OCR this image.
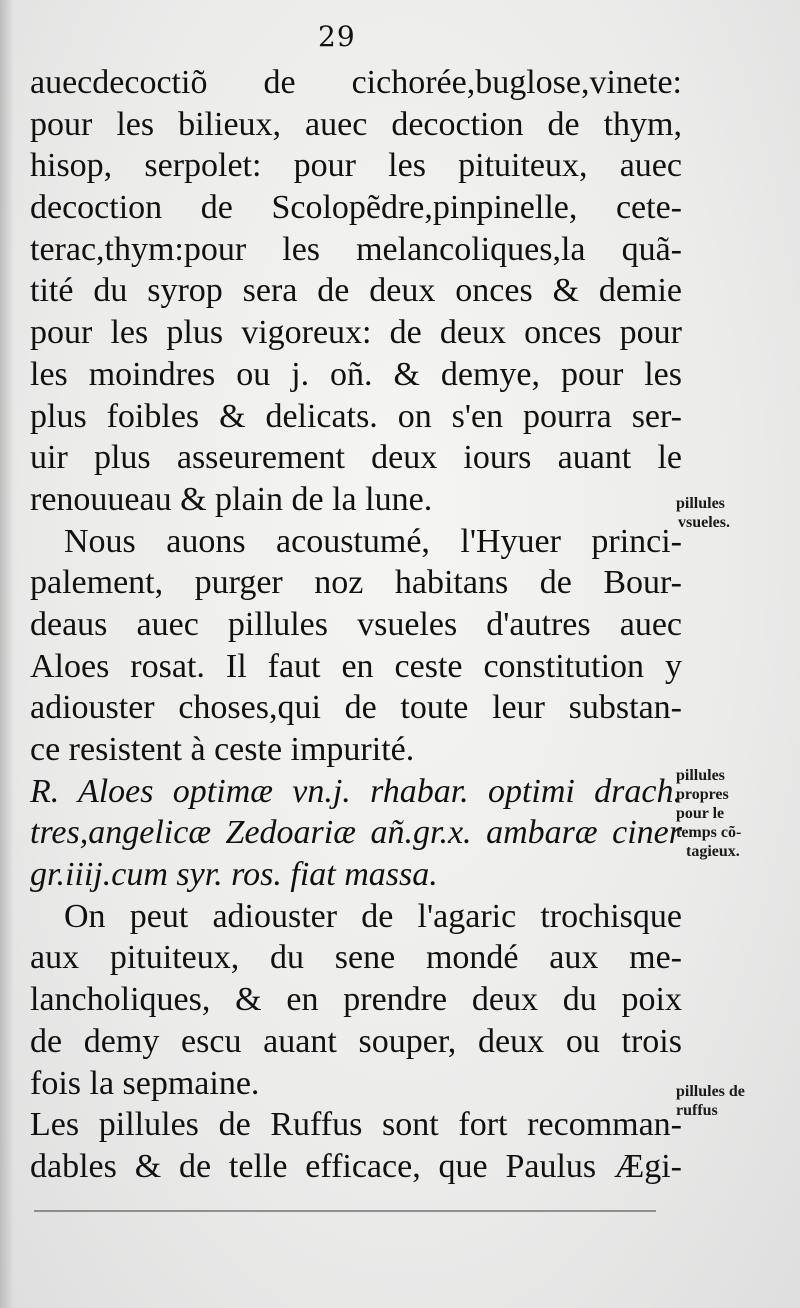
29
auecdecoctiõ de cichorée,buglose,vinete:
pour les bilieux, auec decoction de thym,
hisop, serpolet: pour les pituiteux, auec
decoction de Scolopẽdre,pinpinelle, cete-
terac,thym:pour les melancoliques,la quã-
tité du syrop sera de deux onces & demie
pour les plus vigoreux: de deux onces pour
les moindres ou j. oñ. & demye, pour les
plus foibles & delicats. on s'en pourra ser-
uir plus asseurement deux iours auant le
renouueau & plain de la lune.
Nous auons acoustumé, l'Hyuer princi-
palement, purger noz habitans de Bour-
deaus auec pillules vsueles d'autres auec
Aloes rosat. Il faut en ceste constitution y
adiouster choses,qui de toute leur substan-
ce resistent à ceste impurité.
R. Aloes optimæ vn.j. rhabar. optimi drach.
tres,angelicæ Zedoariæ añ.gr.x. ambaræ ciner
gr.iiij.cum syr. ros. fiat massa.
On peut adiouster de l'agaric trochisque
aux pituiteux, du sene mondé aux me-
lancholiques, & en prendre deux du poix
de demy escu auant souper, deux ou trois
fois la sepmaine.
Les pillules de Ruffus sont fort recomman-
dables & de telle efficace, que Paulus Ægi-
pillules
vsueles.
pillules
propres
pour le
temps cõ-
tagieux.
pillules de
ruffus
